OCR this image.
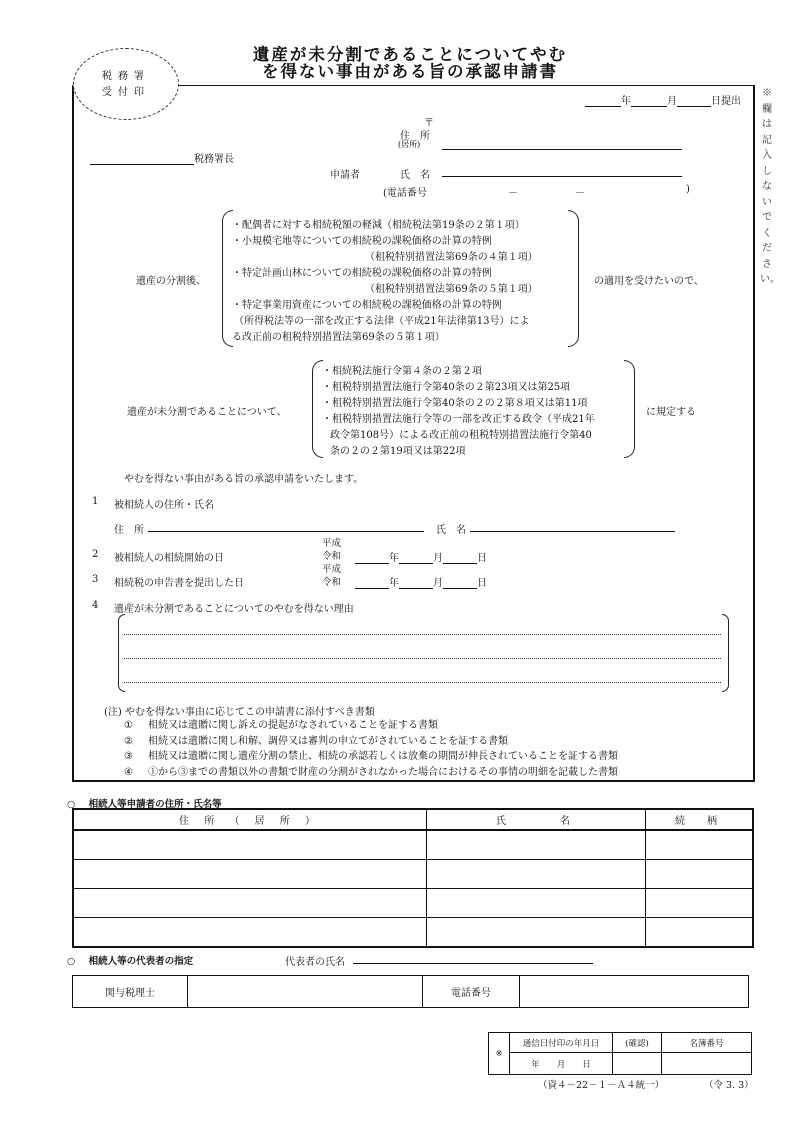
遺産が未分割であることについてやむ
を得ない事由がある旨の承認申請書
税務署
受付印	※欄は記入しないでください。
年	月	日提出
税務署長
〒
住　所
(居所)
申請者	氏　名
(電話番号	－	－	)
遺産の分割後、
・配偶者に対する相続税額の軽減（相続税法第19条の２第１項）
・小規模宅地等についての相続税の課税価格の計算の特例
（租税特別措置法第69条の４第１項）
・特定計画山林についての相続税の課税価格の計算の特例
（租税特別措置法第69条の５第１項）
・特定事業用資産についての相続税の課税価格の計算の特例
（所得税法等の一部を改正する法律（平成21年法律第13号）によ
る改正前の租税特別措置法第69条の５第１項）
の適用を受けたいので、
遺産が未分割であることについて、
・相続税法施行令第４条の２第２項
・租税特別措置法施行令第40条の２第23項又は第25項
・租税特別措置法施行令第40条の２の２第８項又は第11項
・租税特別措置法施行令等の一部を改正する政令（平成21年
政令第108号）による改正前の租税特別措置法施行令第40
条の２の２第19項又は第22項
に規定する
やむを得ない事由がある旨の承認申請をいたします。
1 被相続人の住所・氏名
住　所	氏　名
2 被相続人の相続開始の日
平成
令和	年	月	日
3 相続税の申告書を提出した日
平成
令和	年	月	日
4 遺産が未分割であることについてのやむを得ない理由
(注) やむを得ない事由に応じてこの申請書に添付すべき書類
① 相続又は遺贈に関し訴えの提起がなされていることを証する書類
② 相続又は遺贈に関し和解、調停又は審判の申立てがされていることを証する書類
③ 相続又は遺贈に関し遺産分割の禁止、相続の承認若しくは放棄の期間が伸長されていることを証する書類
④ ①から③までの書類以外の書類で財産の分割がされなかった場合におけるその事情の明細を記載した書類
○ 相続人等申請者の住所・氏名等
住 所 （ 居 所 ）	氏　　　名	続　柄

○ 相続人等の代表者の指定	代表者の氏名
関与税理士		電話番号	
※	通信日付印の年月日	(確認)	名簿番号
	年　　月　　日		
（資４－22－１－Ａ４統一）	（令 3. 3）
